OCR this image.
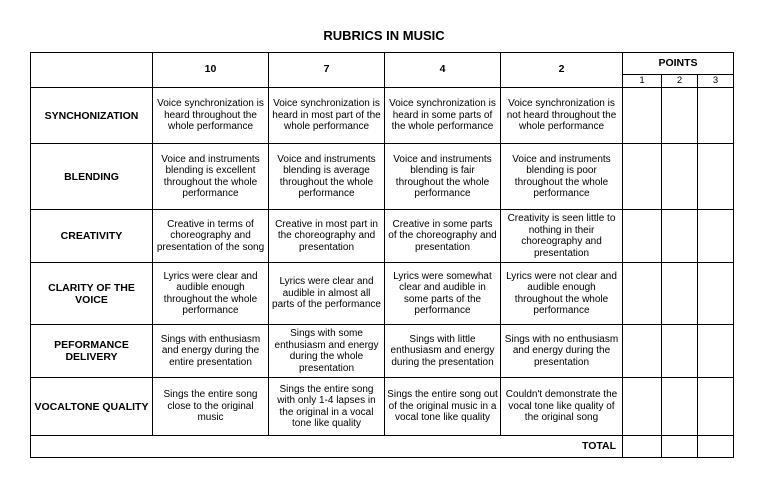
RUBRICS IN MUSIC
	10	7	4	2	POINTS		
					1	2	3
SYNCHONIZATION	Voice synchronization is heard throughout the whole performance	Voice synchronization is heard in most part of the whole performance	Voice synchronization is heard in some parts of the whole performance	Voice synchronization is not heard throughout the whole performance			
BLENDING	Voice and instruments blending is excellent throughout the whole performance	Voice and instruments blending is average throughout the whole performance	Voice and instruments blending is fair throughout the whole performance	Voice and instruments blending is poor throughout the whole performance			
CREATIVITY	Creative in terms of choreography and presentation of the song	Creative in most part in the choreography and presentation	Creative in some parts of the choreography and presentation	Creativity is seen little to nothing in their choreography and presentation			
CLARITY OF THE VOICE	Lyrics were clear and audible enough throughout the whole performance	Lyrics were clear and audible in almost all parts of the performance	Lyrics were somewhat clear and audible in some parts of the performance	Lyrics were not clear and audible enough throughout the whole performance			
PEFORMANCE DELIVERY	Sings with enthusiasm and energy during the entire presentation	Sings with some enthusiasm and energy during the whole presentation	Sings with little enthusiasm and energy during the presentation	Sings with no enthusiasm and energy during the presentation			
VOCALTONE QUALITY	Sings the entire song close to the original music	Sings the entire song with only 1-4 lapses in the original in a vocal tone like quality	Sings the entire song out of the original music in a vocal tone like quality	Couldn't demonstrate the vocal tone like quality of the original song			
TOTAL							
